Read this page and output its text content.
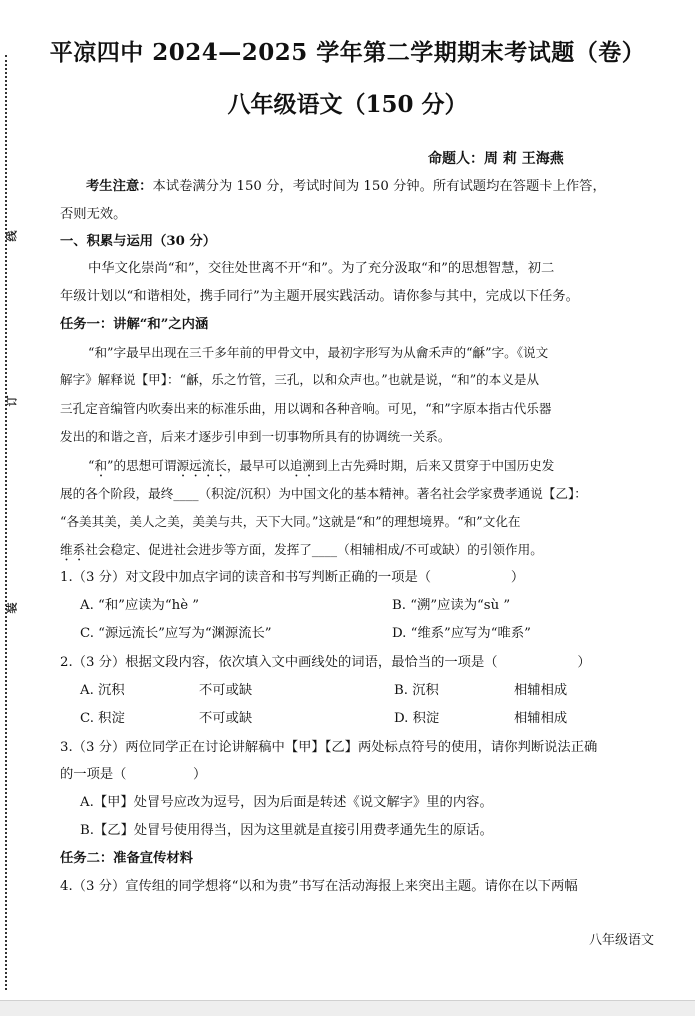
线
订
装
平凉四中 2024—2025 学年第二学期期末考试题（卷）
八年级语文（150 分）
命题人：周 莉 王海燕
考生注意：本试卷满分为 150 分，考试时间为 150 分钟。所有试题均在答题卡上作答，
否则无效。
一、积累与运用（30 分）
中华文化崇尚“和”，交往处世离不开“和”。为了充分汲取“和”的思想智慧，初二
年级计划以“和谐相处，携手同行”为主题开展实践活动。请你参与其中，完成以下任务。
任务一：讲解“和”之内涵
“和”字最早出现在三千多年前的甲骨文中，最初字形写为从龠禾声的“龢”字。《说文
解字》解释说【甲】：“龢，乐之竹管，三孔，以和众声也。”也就是说，“和”的本义是从
三孔定音编管内吹奏出来的标准乐曲，用以调和各种音响。可见，“和”字原本指古代乐器
发出的和谐之音，后来才逐步引申到一切事物所具有的协调统一关系。
“和”的思想可谓源远流长，最早可以追溯到上古先舜时期，后来又贯穿于中国历史发
展的各个阶段，最终____（积淀/沉积）为中国文化的基本精神。著名社会学家费孝通说【乙】：
“各美其美，美人之美，美美与共，天下大同。”这就是“和”的理想境界。“和”文化在
维系社会稳定、促进社会进步等方面，发挥了____（相辅相成/不可或缺）的引领作用。
1.（3 分）对文段中加点字词的读音和书写判断正确的一项是（　　　　　　）
A. “和”应读为“hè ”	B. “溯”应读为“sù ”
C. “源远流长”应写为“渊源流长”	D. “维系”应写为“唯系”
2.（3 分）根据文段内容，依次填入文中画线处的词语，最恰当的一项是（　　　　　　）
A. 沉积	不可或缺	B. 沉积	相辅相成
C. 积淀	不可或缺	D. 积淀	相辅相成
3.（3 分）两位同学正在讨论讲解稿中【甲】【乙】两处标点符号的使用，请你判断说法正确
的一项是（　　　　　）
A.【甲】处冒号应改为逗号，因为后面是转述《说文解字》里的内容。
B.【乙】处冒号使用得当，因为这里就是直接引用费孝通先生的原话。
任务二：准备宣传材料
4.（3 分）宣传组的同学想将“以和为贵”书写在活动海报上来突出主题。请你在以下两幅
八年级语文
